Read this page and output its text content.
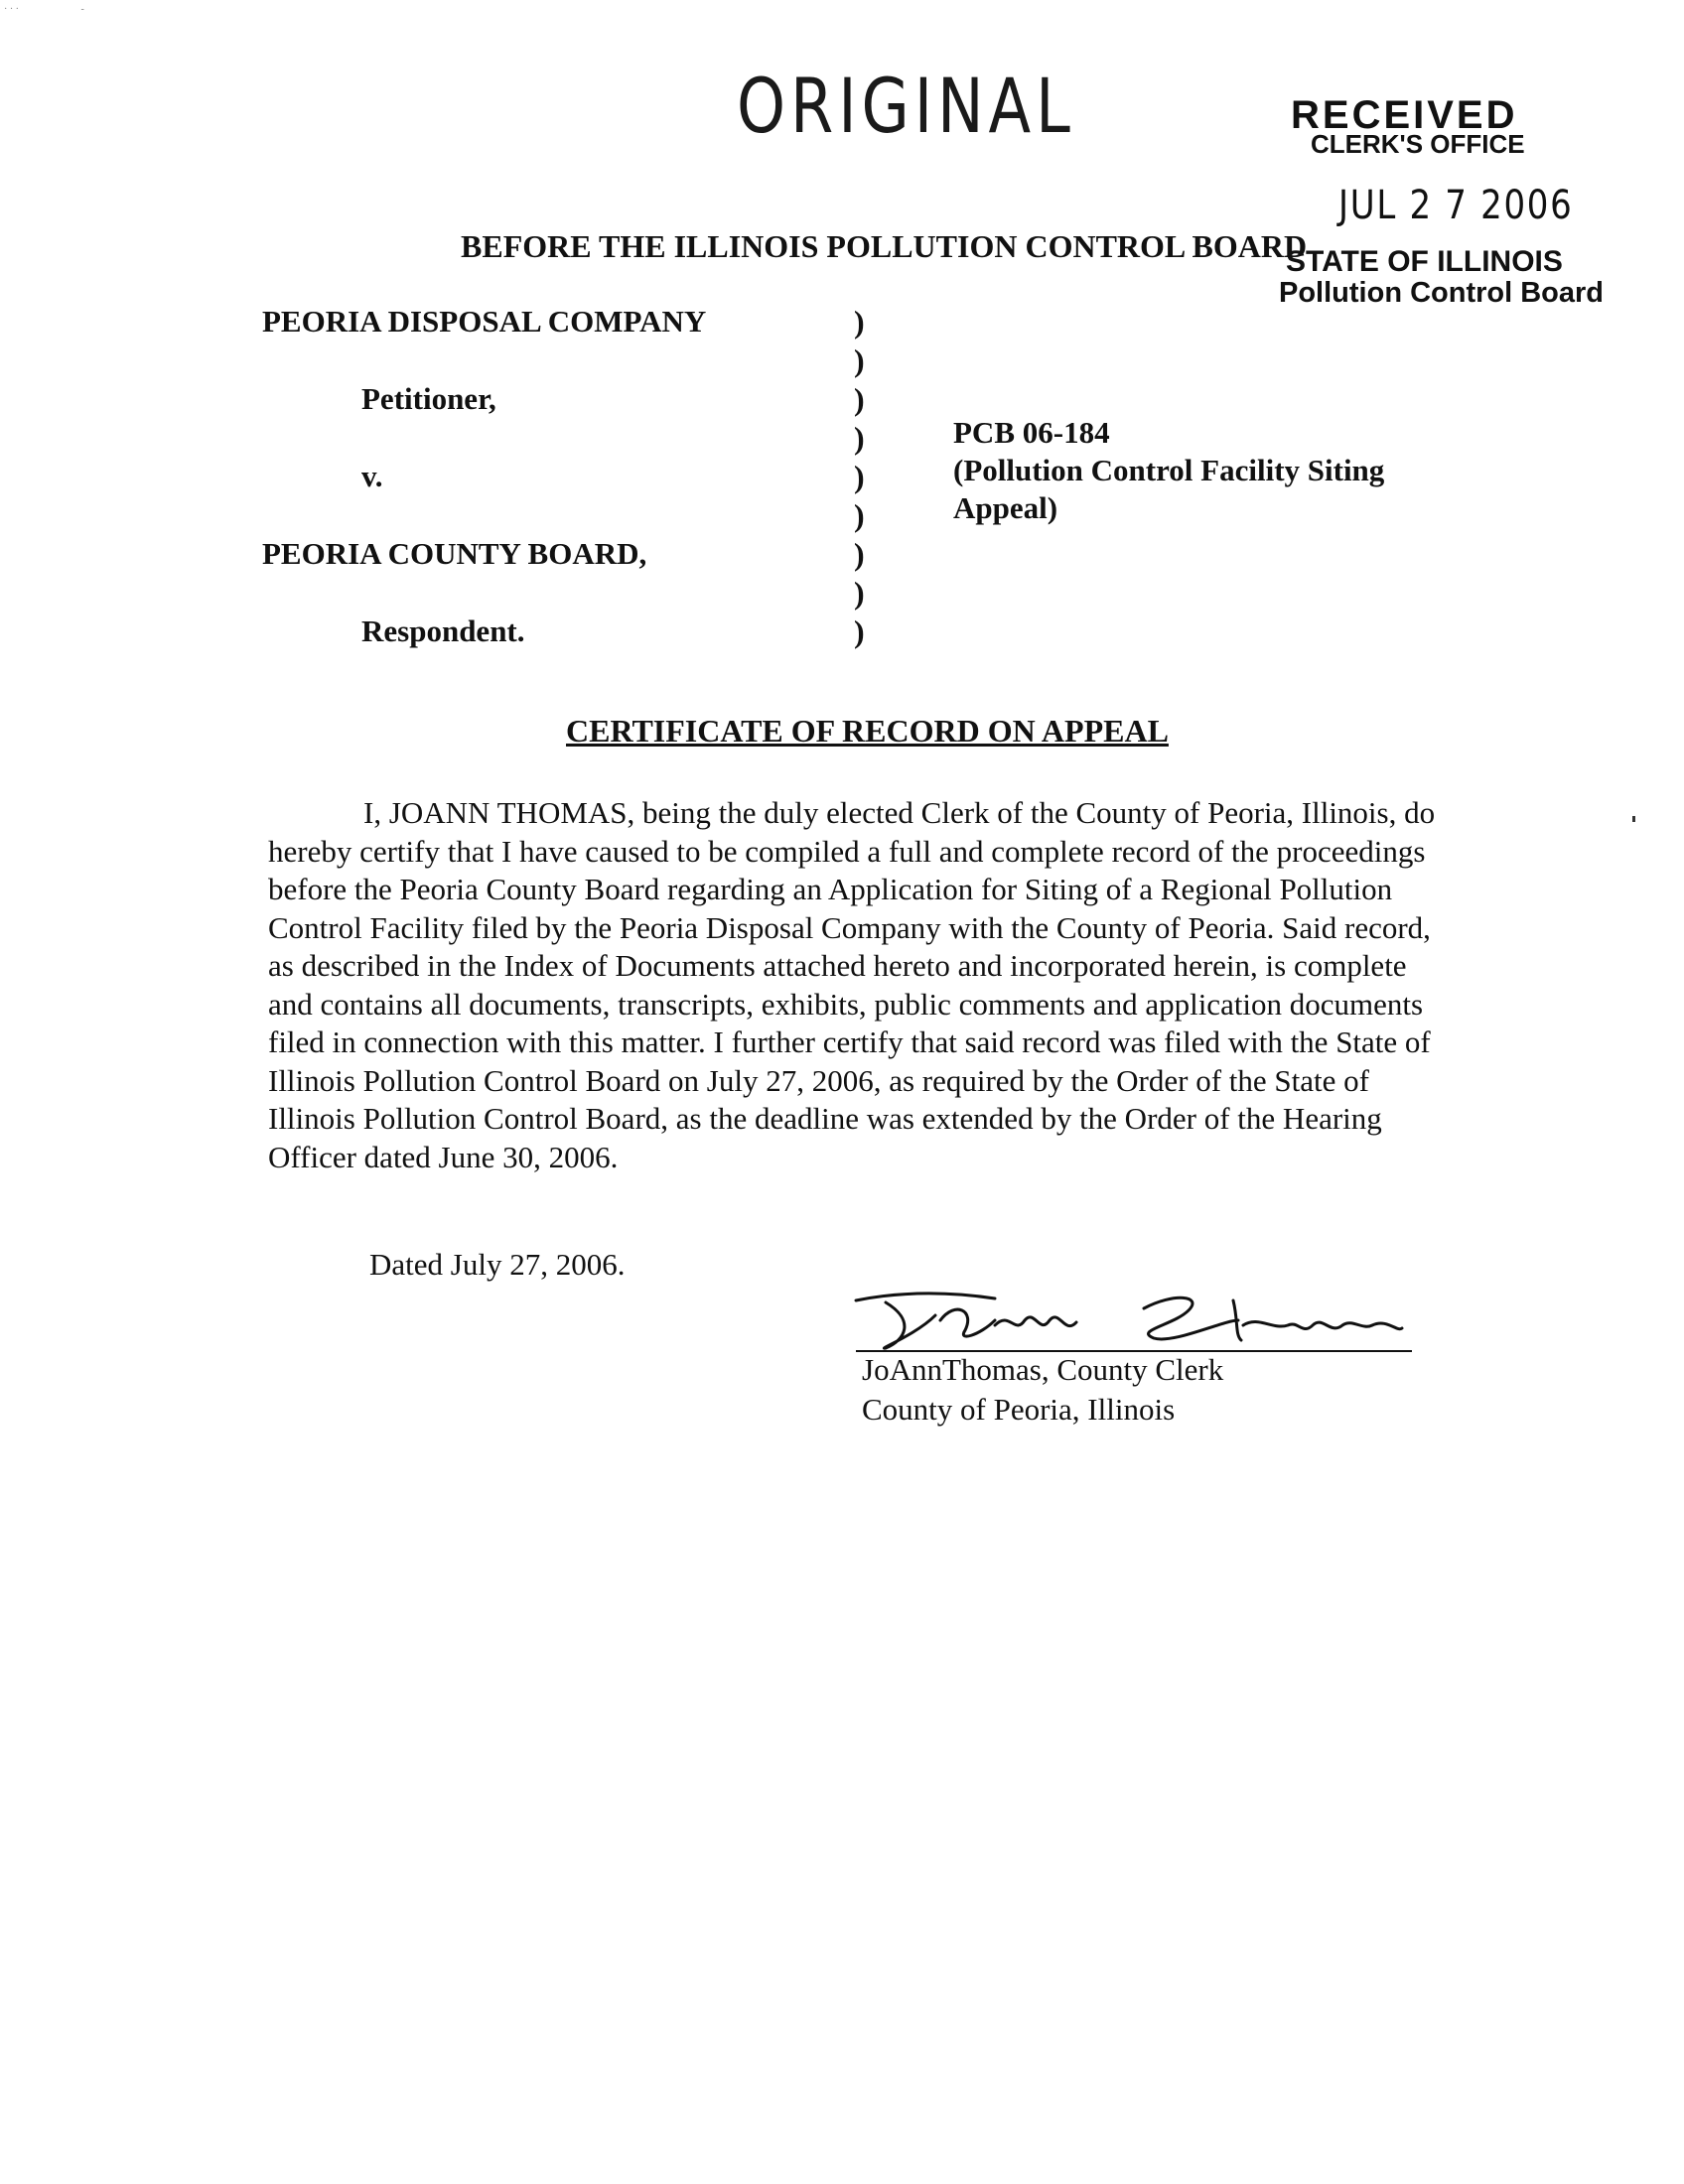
· · ·                         -
ORIGINAL	RECEIVED
CLERK'S OFFICE
JUL 2 7 2006
STATE OF ILLINOIS
Pollution Control Board
BEFORE THE ILLINOIS POLLUTION CONTROL BOARD
PEORIA DISPOSAL COMPANY
Petitioner,
v.
PEORIA COUNTY BOARD,
Respondent.
)
)
)
)
)
)
)
)
)
PCB 06-184
(Pollution Control Facility Siting
Appeal)
CERTIFICATE OF RECORD ON APPEAL

I, JOANN THOMAS, being the duly elected Clerk of the County of Peoria, Illinois, do hereby certify that I have caused to be compiled a full and complete record of the proceedings before the Peoria County Board regarding an Application for Siting of a Regional Pollution Control Facility filed by the Peoria Disposal Company with the County of Peoria. Said record, as described in the Index of Documents attached hereto and incorporated herein, is complete and contains all documents, transcripts, exhibits, public comments and application documents filed in connection with this matter. I further certify that said record was filed with the State of Illinois Pollution Control Board on July 27, 2006, as required by the Order of the State of Illinois Pollution Control Board, as the deadline was extended by the Order of the Hearing Officer dated June 30, 2006.

Dated July 27, 2006.
JoAnnThomas, County Clerk
County of Peoria, Illinois
